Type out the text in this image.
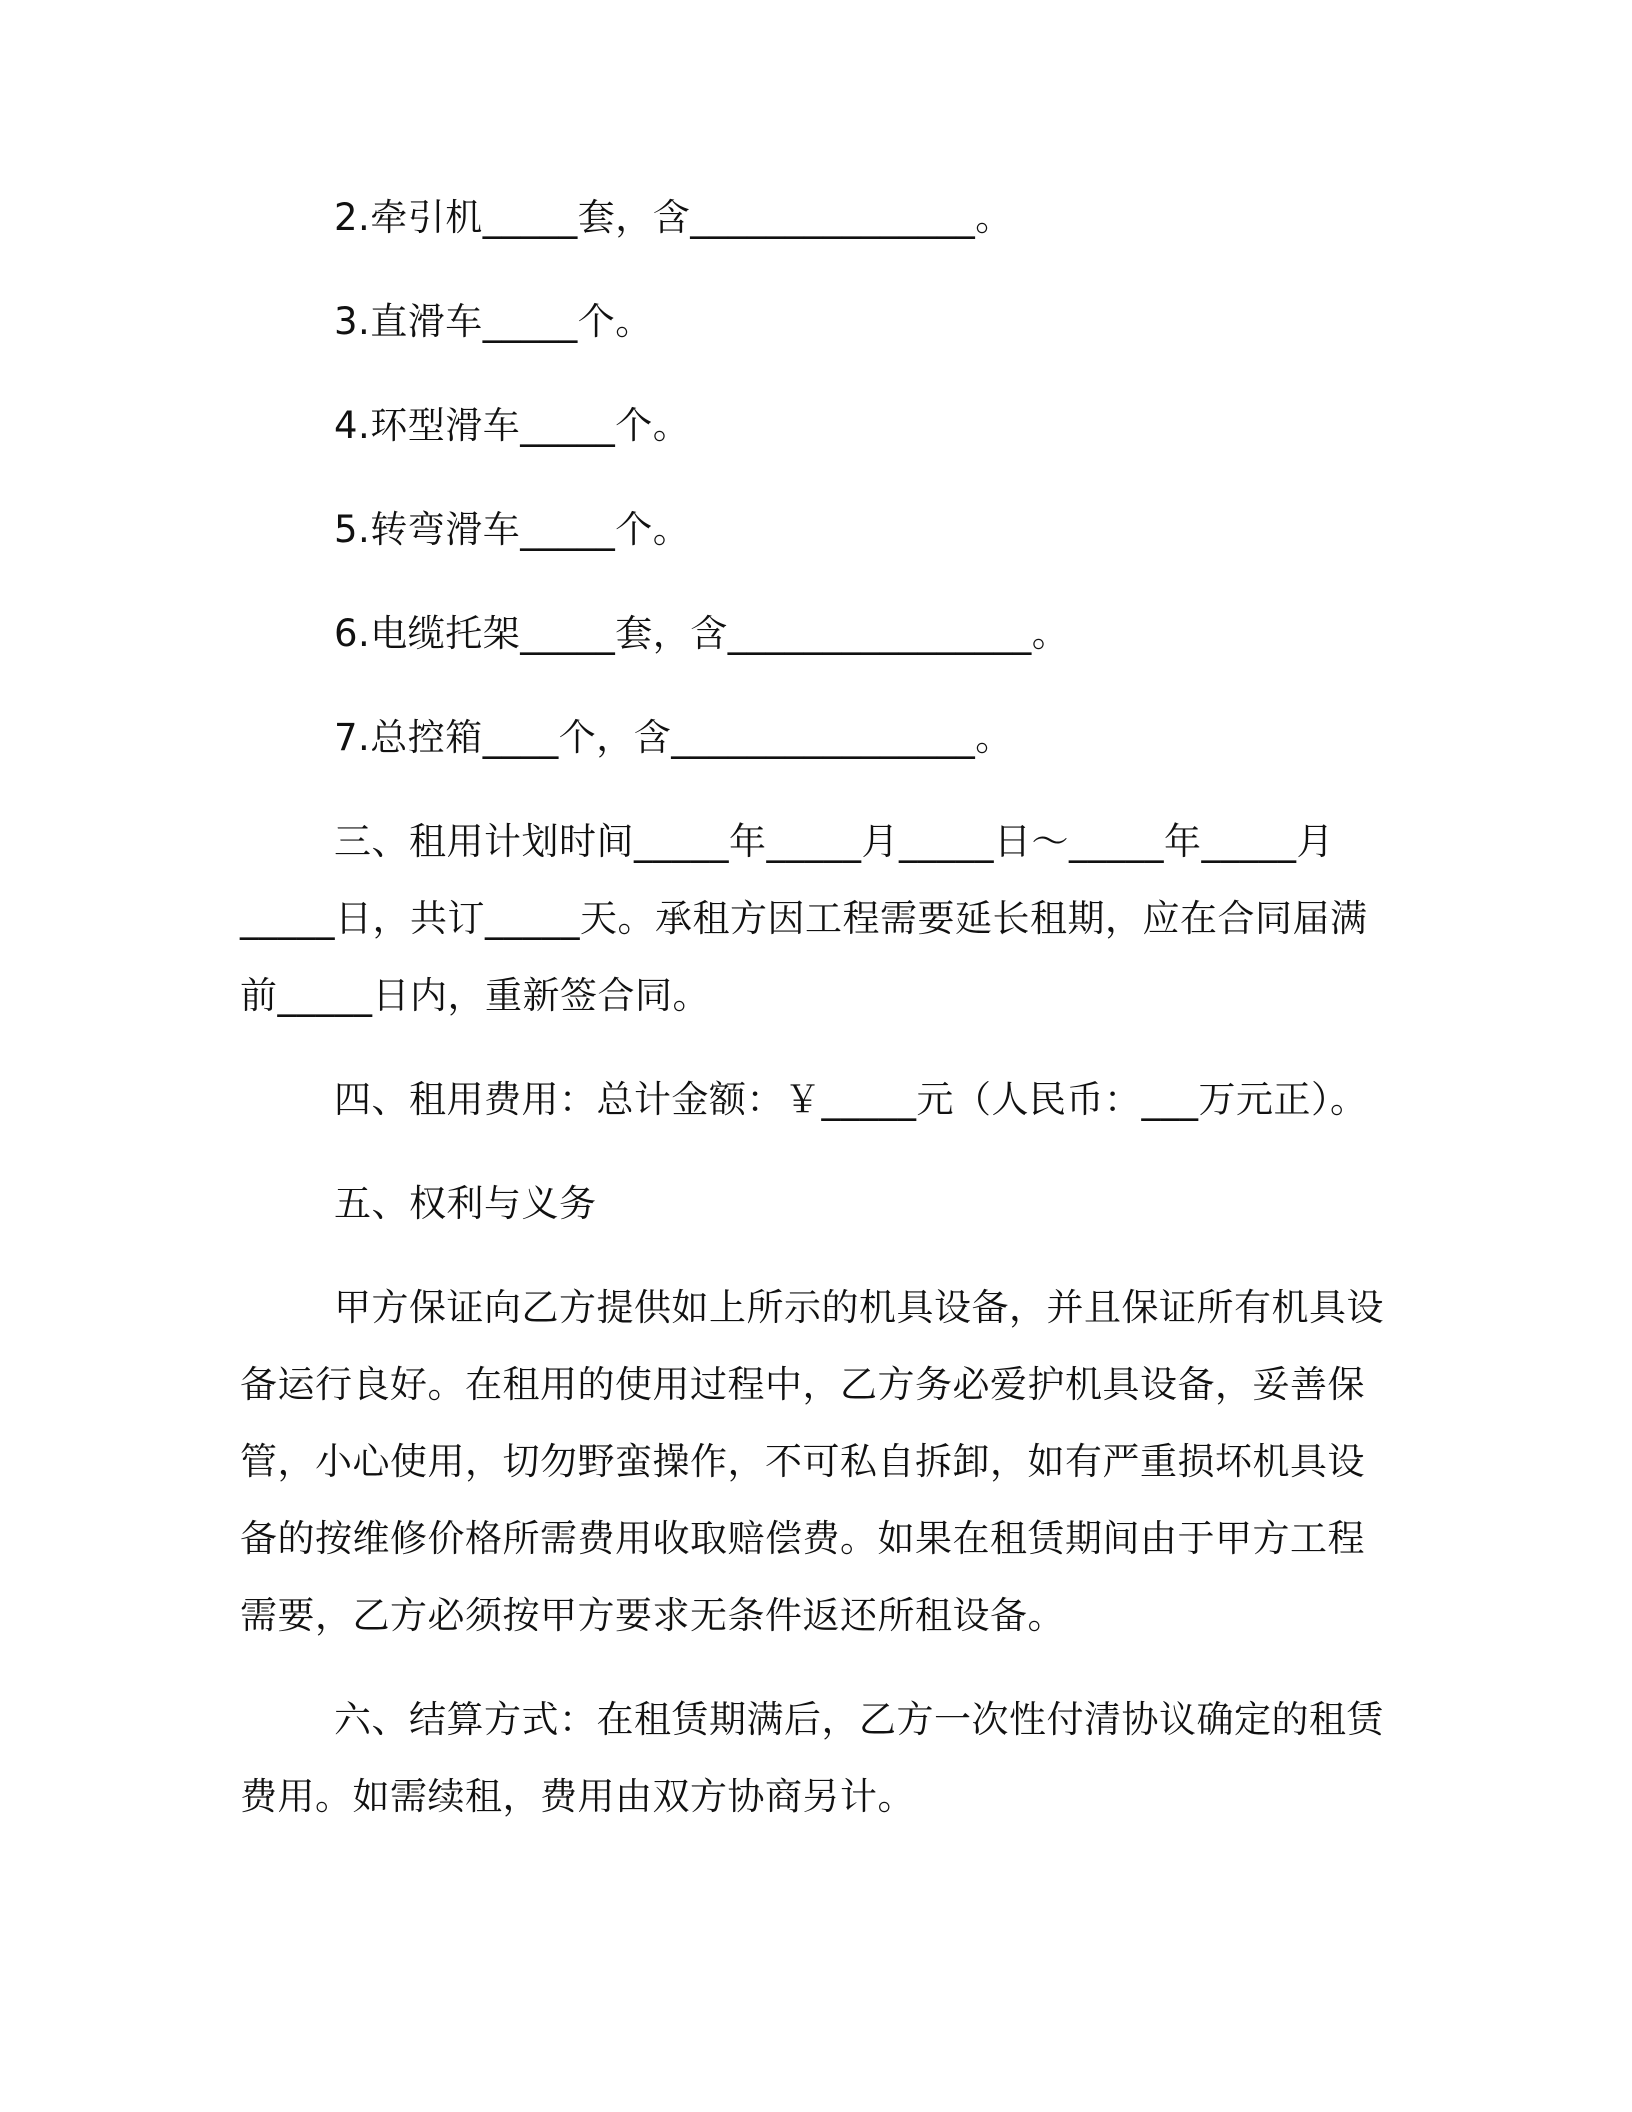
2.牵引机_____套，含_______________。
3.直滑车_____个。
4.环型滑车_____个。
5.转弯滑车_____个。
6.电缆托架_____套，含________________。
7.总控箱____个，含________________。
三、租用计划时间_____年_____月_____日～_____年_____月
_____日，共订_____天。承租方因工程需要延长租期，应在合同届满
前_____日内，重新签合同。
四、租用费用：总计金额：￥_____元（人民币：___万元正）。
五、权利与义务
甲方保证向乙方提供如上所示的机具设备，并且保证所有机具设
备运行良好。在租用的使用过程中，乙方务必爱护机具设备，妥善保
管，小心使用，切勿野蛮操作，不可私自拆卸，如有严重损坏机具设
备的按维修价格所需费用收取赔偿费。如果在租赁期间由于甲方工程
需要，乙方必须按甲方要求无条件返还所租设备。
六、结算方式：在租赁期满后，乙方一次性付清协议确定的租赁
费用。如需续租，费用由双方协商另计。
